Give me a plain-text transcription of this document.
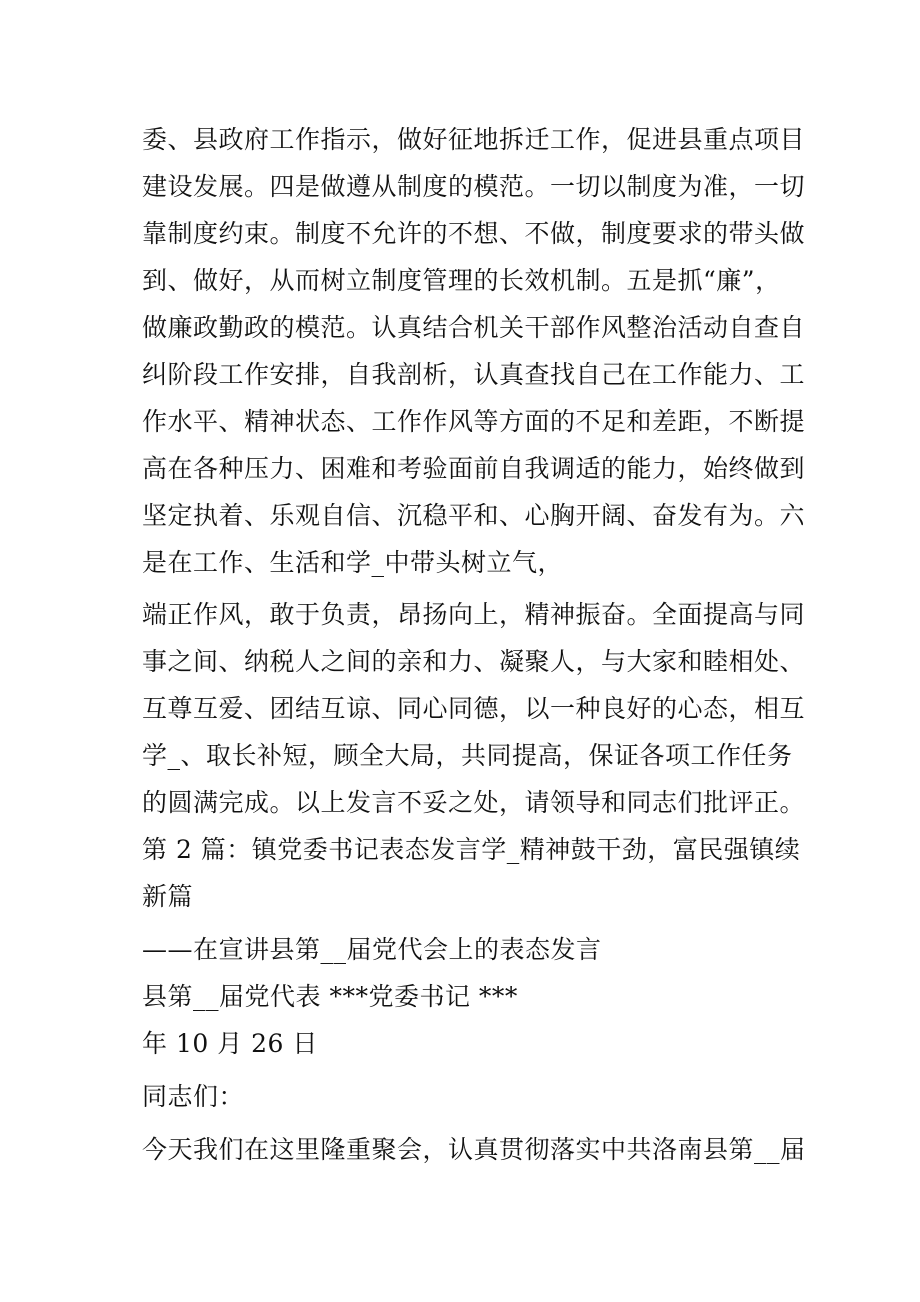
委、县政府工作指示，做好征地拆迁工作，促进县重点项目
建设发展。四是做遵从制度的模范。一切以制度为准，一切
靠制度约束。制度不允许的不想、不做，制度要求的带头做
到、做好，从而树立制度管理的长效机制。五是抓“廉”，
做廉政勤政的模范。认真结合机关干部作风整治活动自查自
纠阶段工作安排，自我剖析，认真查找自己在工作能力、工
作水平、精神状态、工作作风等方面的不足和差距，不断提
高在各种压力、困难和考验面前自我调适的能力，始终做到
坚定执着、乐观自信、沉稳平和、心胸开阔、奋发有为。六
是在工作、生活和学_中带头树立气，
端正作风，敢于负责，昂扬向上，精神振奋。全面提高与同
事之间、纳税人之间的亲和力、凝聚人，与大家和睦相处、
互尊互爱、团结互谅、同心同德，以一种良好的心态，相互
学_、取长补短，顾全大局，共同提高，保证各项工作任务
的圆满完成。以上发言不妥之处，请领导和同志们批评正。
第 2 篇：镇党委书记表态发言学_精神鼓干劲，富民强镇续
新篇
——在宣讲县第__届党代会上的表态发言
县第__届党代表 ***党委书记 ***
年 10 月 26 日
同志们：
今天我们在这里隆重聚会，认真贯彻落实中共洛南县第__届
